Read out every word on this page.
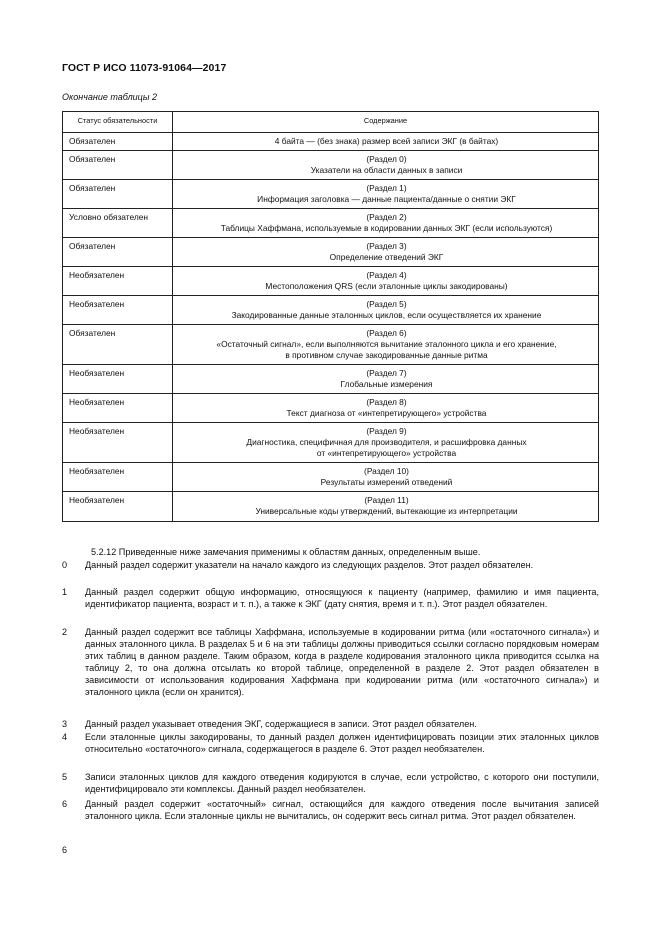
ГОСТ Р ИСО 11073-91064—2017
Окончание таблицы 2
Статус обязательности	Содержание
Обязателен	4 байта — (без знака) размер всей записи ЭКГ (в байтах)

Обязателен	(Раздел 0)
Указатели на области данных в записи

Обязателен	(Раздел 1)
Информация заголовка — данные пациента/данные о снятии ЭКГ

Условно обязателен	(Раздел 2)
Таблицы Хаффмана, используемые в кодировании данных ЭКГ (если используются)

Обязателен	(Раздел 3)
Определение отведений ЭКГ

Необязателен	(Раздел 4)
Местоположения QRS (если эталонные циклы закодированы)

Необязателен	(Раздел 5)
Закодированные данные эталонных циклов, если осуществляется их хранение

Обязателен	(Раздел 6)
«Остаточный сигнал», если выполняются вычитание эталонного цикла и его хранение,
в противном случае закодированные данные ритма

Необязателен	(Раздел 7)
Глобальные измерения

Необязателен	(Раздел 8)
Текст диагноза от «интепретирующего» устройства

Необязателен	(Раздел 9)
Диагностика, специфичная для производителя, и расшифровка данных
от «интепретирующего» устройства

Необязателен	(Раздел 10)
Результаты измерений отведений

Необязателен	(Раздел 11)
Универсальные коды утверждений, вытекающие из интерпретации
5.2.12 Приведенные ниже замечания применимы к областям данных, определенным выше.
0 Данный раздел содержит указатели на начало каждого из следующих разделов. Этот раздел обязателен.
1 Данный раздел содержит общую информацию, относящуюся к пациенту (например, фамилию и имя пациента, идентификатор пациента, возраст и т. п.), а также к ЭКГ (дату снятия, время и т. п.). Этот раздел обязателен.
2 Данный раздел содержит все таблицы Хаффмана, используемые в кодировании ритма (или «остаточного сигнала») и данных эталонного цикла. В разделах 5 и 6 на эти таблицы должны приводиться ссылки согласно порядковым номерам этих таблиц в данном разделе. Таким образом, когда в разделе кодирования эталонного цикла приводится ссылка на таблицу 2, то она должна отсылать ко второй таблице, определенной в разделе 2. Этот раздел обязателен в зависимости от использования кодирования Хаффмана при кодировании ритма (или «остаточного сигнала») и эталонного цикла (если он хранится).
3 Данный раздел указывает отведения ЭКГ, содержащиеся в записи. Этот раздел обязателен.
4 Если эталонные циклы закодированы, то данный раздел должен идентифицировать позиции этих эталонных циклов относительно «остаточного» сигнала, содержащегося в разделе 6. Этот раздел необязателен.
5 Записи эталонных циклов для каждого отведения кодируются в случае, если устройство, с которого они поступили, идентифицировало эти комплексы. Данный раздел необязателен.
6 Данный раздел содержит «остаточный» сигнал, остающийся для каждого отведения после вычитания записей эталонного цикла. Если эталонные циклы не вычитались, он содержит весь сигнал ритма. Этот раздел обязателен.
6
